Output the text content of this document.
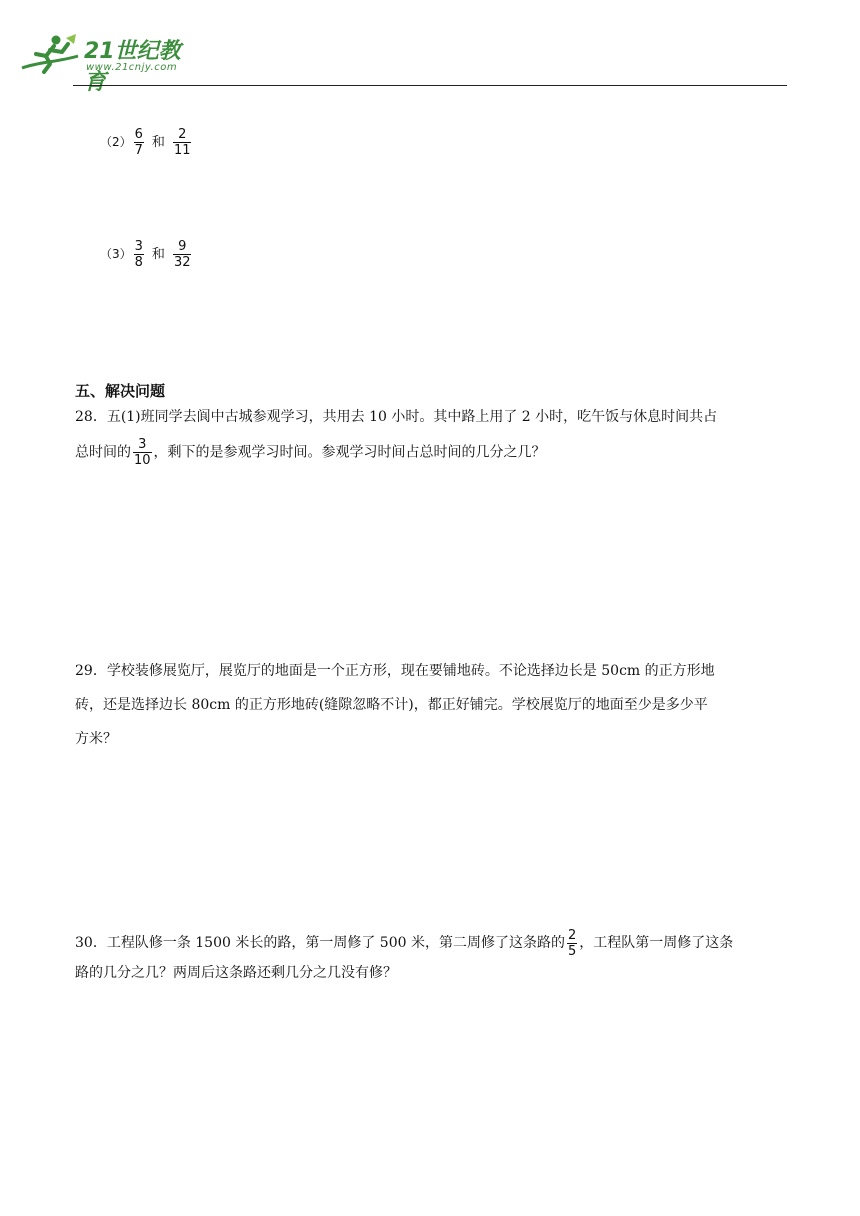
21世纪教育
www.21cnjy.com
$(2) \frac{6}{7}$ 和 $\frac{2}{11}$
$(3) \frac{3}{8}$ 和 $\frac{9}{32}$
五、解决问题
28．五(1)班同学去阆中古城参观学习，共用去 10 小时。其中路上用了 2 小时，吃午饭与休息时间共占
总时间的 $\frac{3}{10}$ ，剩下的是参观学习时间。参观学习时间占总时间的几分之几？
29．学校装修展览厅，展览厅的地面是一个正方形，现在要铺地砖。不论选择边长是 50cm 的正方形地
砖，还是选择边长 80cm 的正方形地砖(缝隙忽略不计)，都正好铺完。学校展览厅的地面至少是多少平
方米？
30．工程队修一条 1500 米长的路，第一周修了 500 米，第二周修了这条路的 $\frac{2}{5}$ ，工程队第一周修了这条
路的几分之几？两周后这条路还剩几分之几没有修？
